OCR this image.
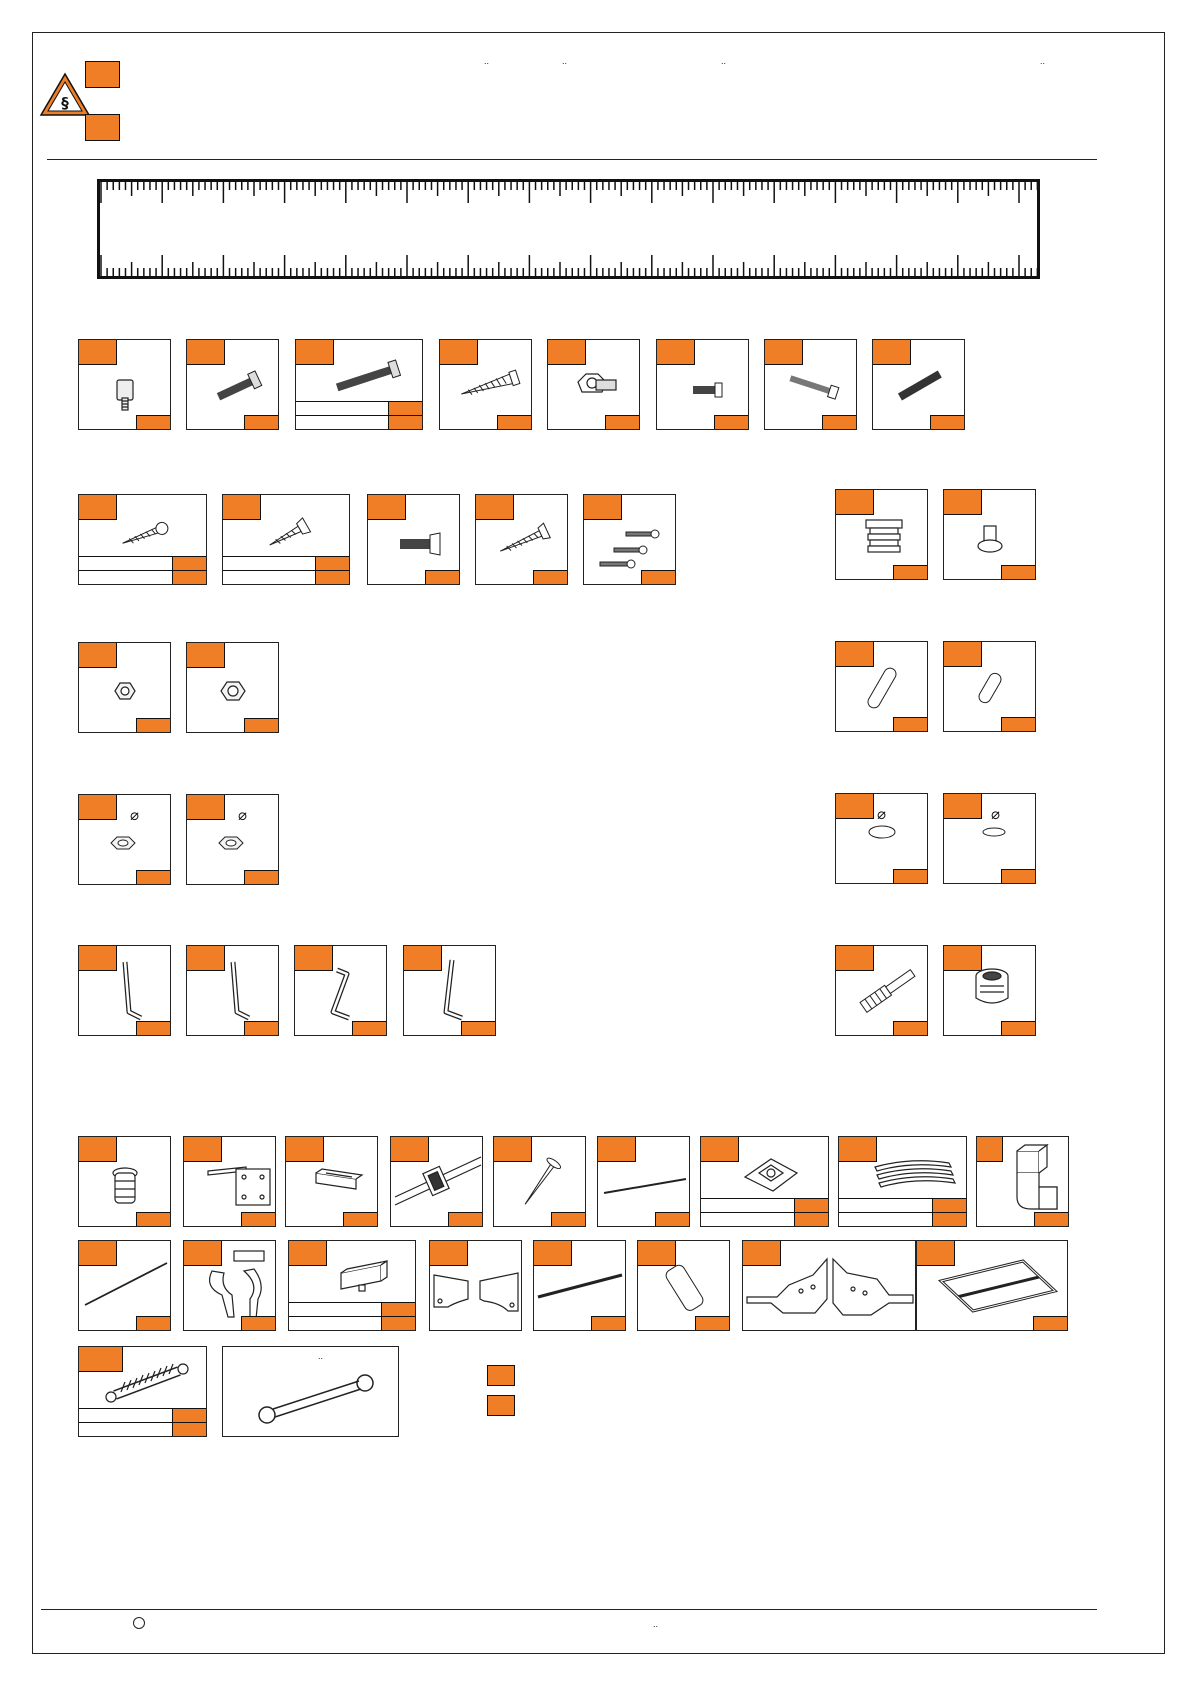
§
..	..	..	..
⌀	⌀	⌀	⌀
..
..
